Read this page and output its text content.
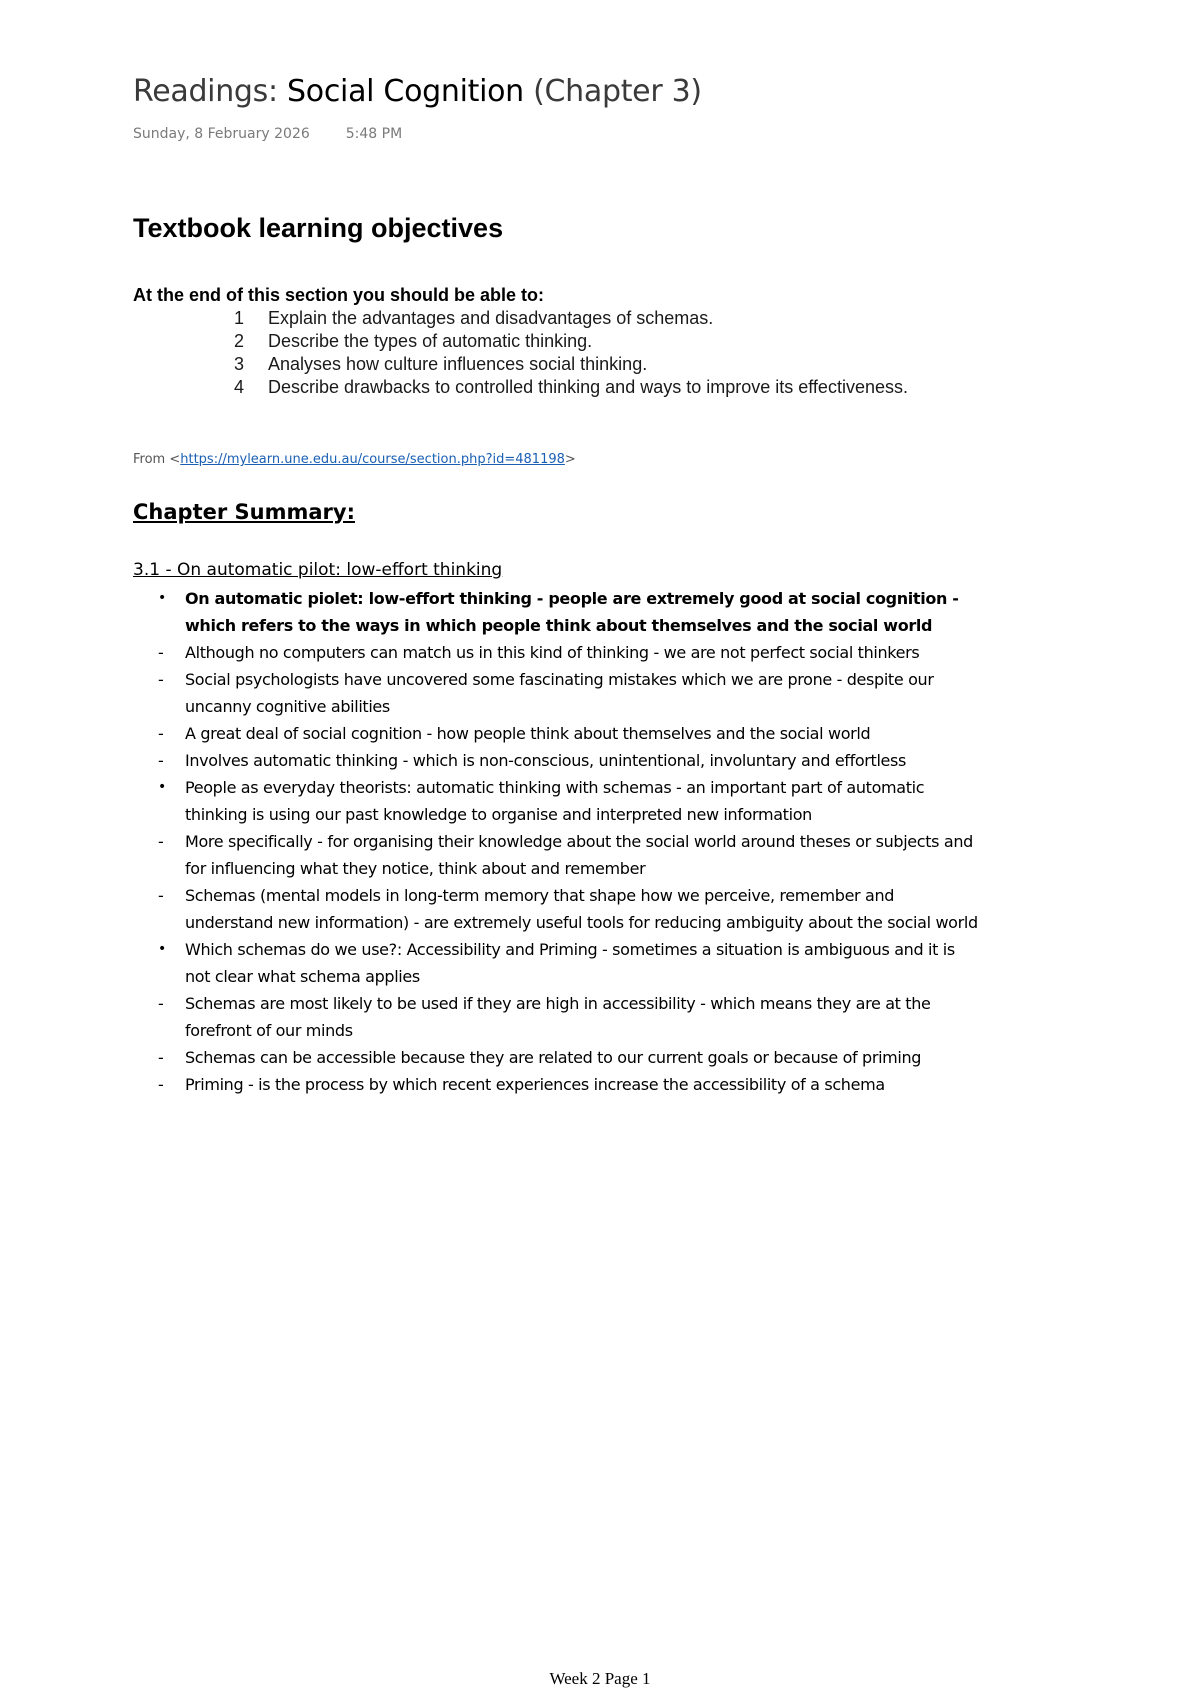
Readings: Social Cognition (Chapter 3)
Sunday, 8 February 2026	5:48 PM
Textbook learning objectives
At the end of this section you should be able to:
1 Explain the advantages and disadvantages of schemas.
2 Describe the types of automatic thinking.
3 Analyses how culture influences social thinking.
4 Describe drawbacks to controlled thinking and ways to improve its effectiveness.
From <https://mylearn.une.edu.au/course/section.php?id=481198>
Chapter Summary:
3.1 - On automatic pilot: low-effort thinking
•	On automatic piolet: low-effort thinking - people are extremely good at social cognition - which refers to the ways in which people think about themselves and the social world
-	Although no computers can match us in this kind of thinking - we are not perfect social thinkers
-	Social psychologists have uncovered some fascinating mistakes which we are prone - despite our uncanny cognitive abilities
-	A great deal of social cognition - how people think about themselves and the social world
-	Involves automatic thinking - which is non-conscious, unintentional, involuntary and effortless
•	People as everyday theorists: automatic thinking with schemas - an important part of automatic thinking is using our past knowledge to organise and interpreted new information
-	More specifically - for organising their knowledge about the social world around theses or subjects and for influencing what they notice, think about and remember
-	Schemas (mental models in long-term memory that shape how we perceive, remember and understand new information) - are extremely useful tools for reducing ambiguity about the social world
•	Which schemas do we use?: Accessibility and Priming - sometimes a situation is ambiguous and it is not clear what schema applies
-	Schemas are most likely to be used if they are high in accessibility - which means they are at the forefront of our minds
-	Schemas can be accessible because they are related to our current goals or because of priming
-	Priming - is the process by which recent experiences increase the accessibility of a schema
Week 2 Page 1
